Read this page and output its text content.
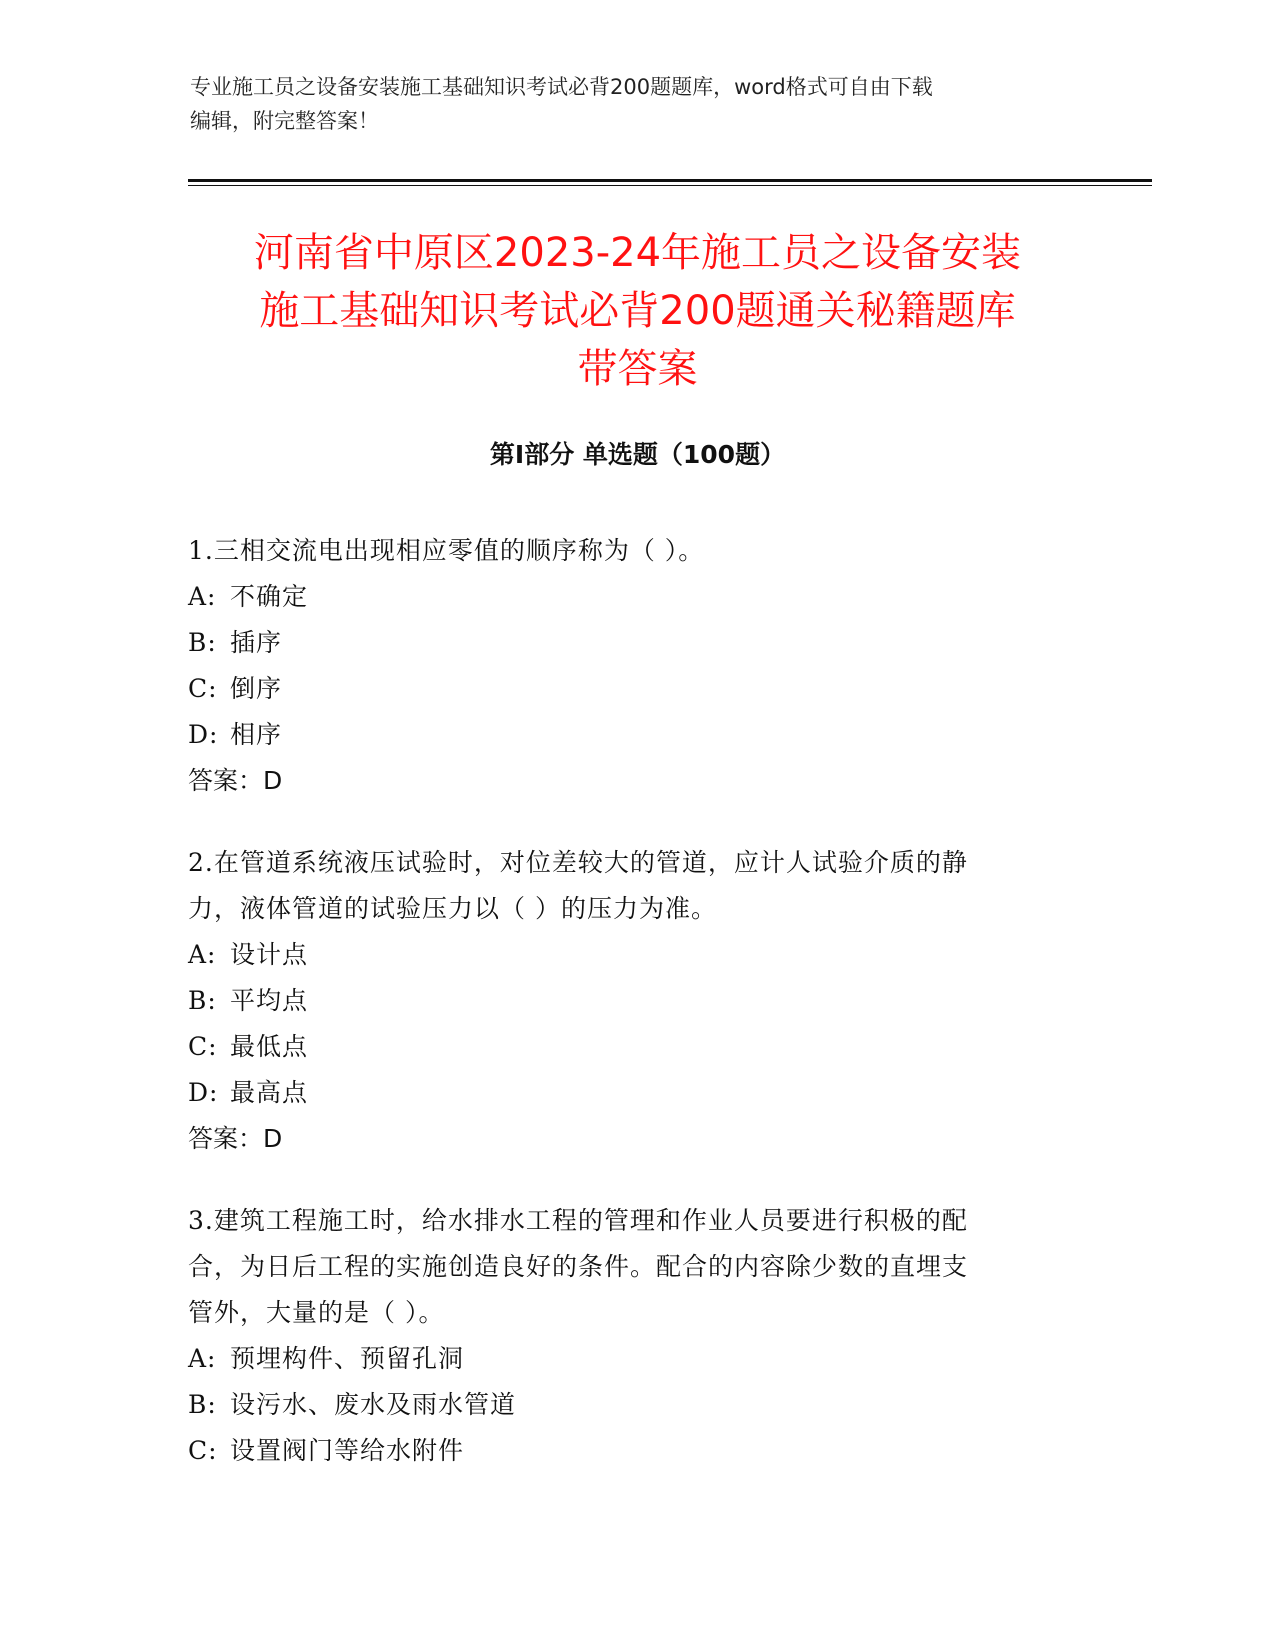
专业施工员之设备安装施工基础知识考试必背200题题库，word格式可自由下载
编辑，附完整答案！
河南省中原区2023-24年施工员之设备安装
施工基础知识考试必背200题通关秘籍题库
带答案
第Ⅰ部分 单选题（100题）
1.三相交流电出现相应零值的顺序称为（ ）。
A: 不确定
B: 插序
C: 倒序
D: 相序
答案：D
2.在管道系统液压试验时，对位差较大的管道，应计人试验介质的静
力，液体管道的试验压力以（ ）的压力为准。
A: 设计点
B: 平均点
C: 最低点
D: 最高点
答案：D
3.建筑工程施工时，给水排水工程的管理和作业人员要进行积极的配
合，为日后工程的实施创造良好的条件。配合的内容除少数的直埋支
管外，大量的是（ ）。
A: 预埋构件、预留孔洞
B: 设污水、废水及雨水管道
C: 设置阀门等给水附件
